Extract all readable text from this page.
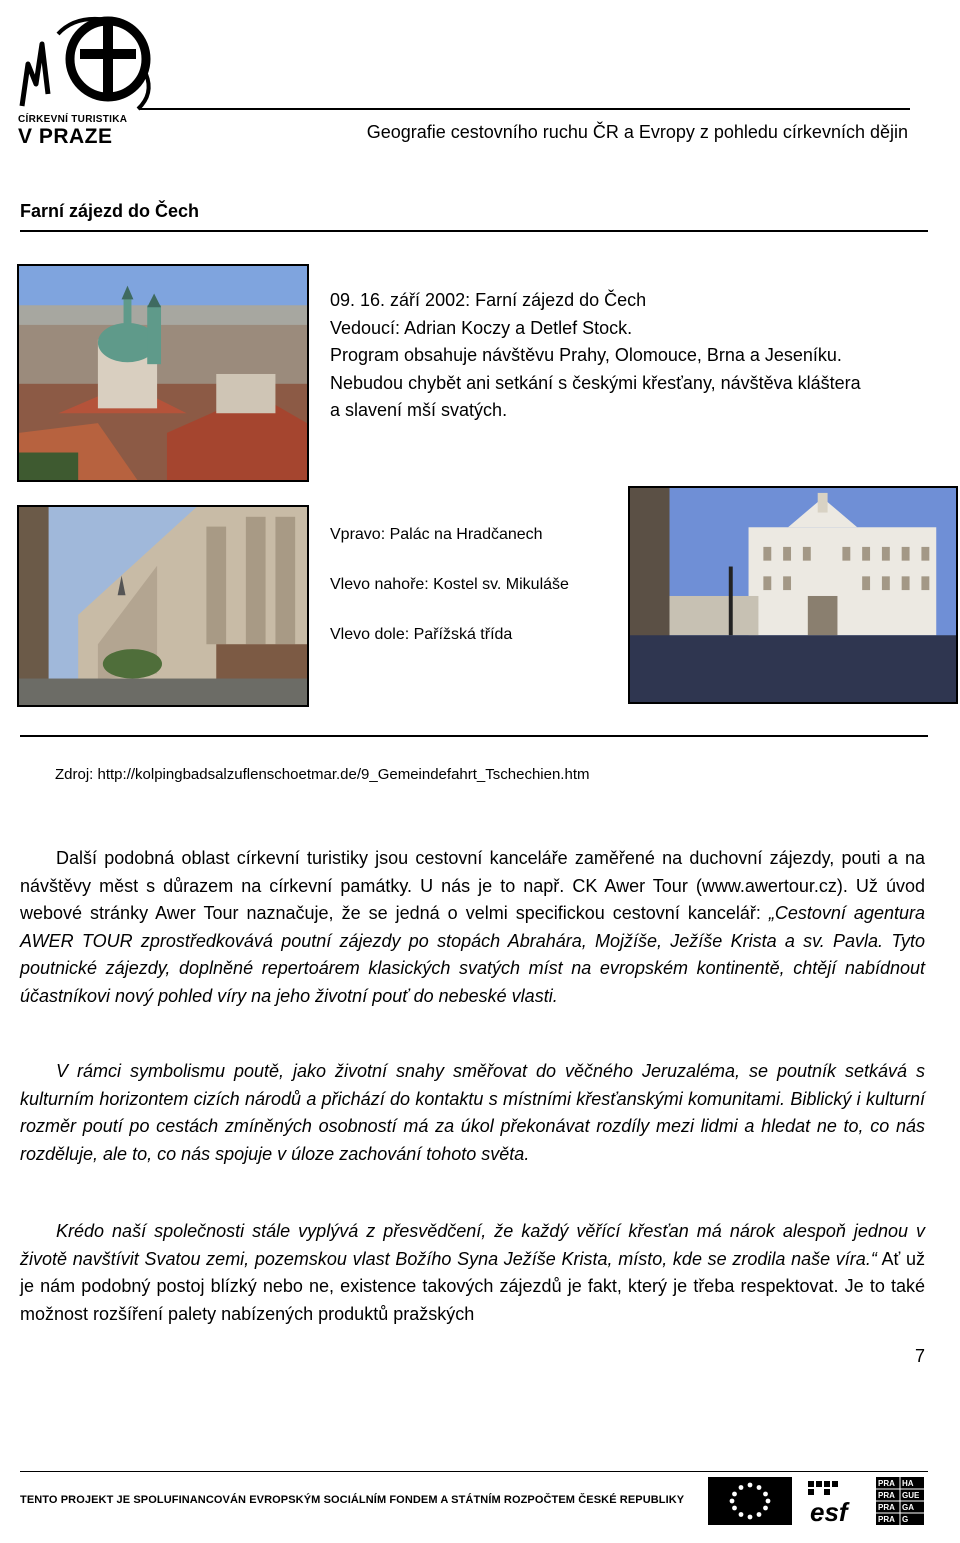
CÍRKEVNÍ TURISTIKA
V PRAZE	Geografie cestovního ruchu ČR a Evropy z pohledu církevních dějin
Farní zájezd do Čech
09. 16. září 2002: Farní zájezd do Čech
Vedoucí: Adrian Koczy a Detlef Stock.
Program obsahuje návštěvu Prahy, Olomouce, Brna a Jeseníku.
Nebudou chybět ani setkání s českými křesťany, návštěva kláštera
a slavení mší svatých.
Vpravo: Palác na Hradčanech
Vlevo nahoře: Kostel sv. Mikuláše
Vlevo dole: Pařížská třída
Zdroj: http://kolpingbadsalzuflenschoetmar.de/9_Gemeindefahrt_Tschechien.htm
Další podobná oblast církevní turistiky jsou cestovní kanceláře zaměřené na duchovní zájezdy, pouti a na návštěvy měst s důrazem na církevní památky. U nás je to např. CK Awer Tour (www.awertour.cz). Už úvod webové stránky Awer Tour naznačuje, že se jedná o velmi specifickou cestovní kancelář: „Cestovní agentura AWER TOUR zprostředkovává poutní zájezdy po stopách Abrahára, Mojžíše, Ježíše Krista a sv. Pavla. Tyto poutnické zájezdy, doplněné repertoárem klasických svatých míst na evropském kontinentě, chtějí nabídnout účastníkovi nový pohled víry na jeho životní pouť do nebeské vlasti.
V rámci symbolismu poutě, jako životní snahy směřovat do věčného Jeruzaléma, se poutník setkává s kulturním horizontem cizích národů a přichází do kontaktu s místními křesťanskými komunitami. Biblický i kulturní rozměr poutí po cestách zmíněných osobností má za úkol překonávat rozdíly mezi lidmi a hledat ne to, co nás rozděluje, ale to, co nás spojuje v úloze zachování tohoto světa.
Krédo naší společnosti stále vyplývá z přesvědčení, že každý věřící křesťan má nárok alespoň jednou v životě navštívit Svatou zemi, pozemskou vlast Božího Syna Ježíše Krista, místo, kde se zrodila naše víra.“ Ať už je nám podobný postoj blízký nebo ne, existence takových zájezdů je fakt, který je třeba respektovat. Je to také možnost rozšíření palety nabízených produktů pražských
7
TENTO PROJEKT JE SPOLUFINANCOVÁN EVROPSKÝM SOCIÁLNÍM FONDEM A STÁTNÍM ROZPOČTEM ČESKÉ REPUBLIKY	esf
PRA HA
PRA GUE
PRA GA
PRA G
